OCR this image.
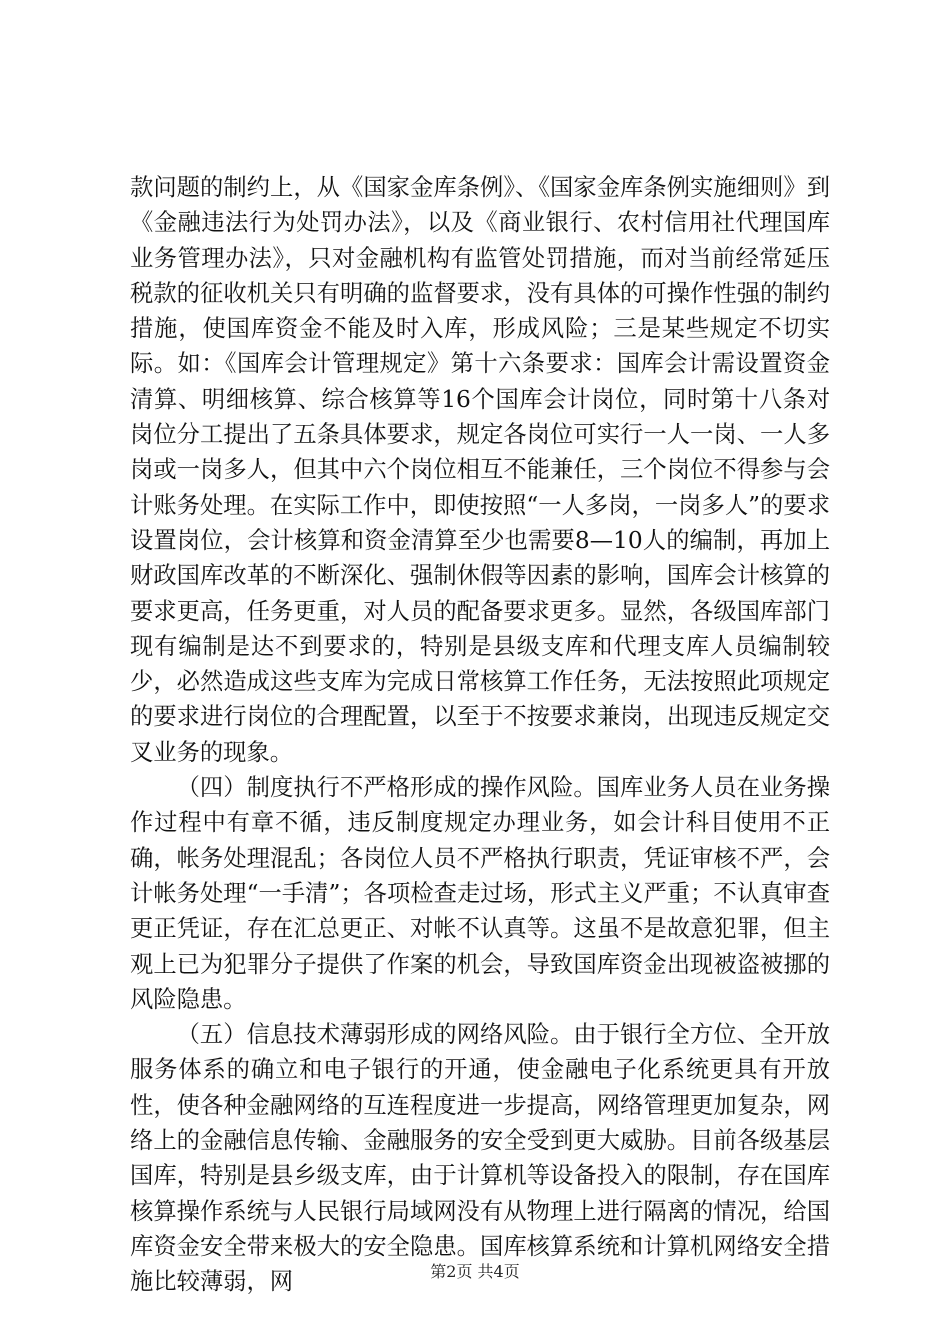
款问题的制约上，从《国家金库条例》、《国家金库条例实施细则》到《金融违法行为处罚办法》，以及《商业银行、农村信用社代理国库业务管理办法》，只对金融机构有监管处罚措施，而对当前经常延压税款的征收机关只有明确的监督要求，没有具体的可操作性强的制约措施，使国库资金不能及时入库，形成风险；三是某些规定不切实际。如：《国库会计管理规定》第十六条要求：国库会计需设置资金清算、明细核算、综合核算等16个国库会计岗位，同时第十八条对岗位分工提出了五条具体要求，规定各岗位可实行一人一岗、一人多岗或一岗多人，但其中六个岗位相互不能兼任，三个岗位不得参与会计账务处理。在实际工作中，即使按照“一人多岗，一岗多人”的要求设置岗位，会计核算和资金清算至少也需要8—10人的编制，再加上财政国库改革的不断深化、强制休假等因素的影响，国库会计核算的要求更高，任务更重，对人员的配备要求更多。显然，各级国库部门现有编制是达不到要求的，特别是县级支库和代理支库人员编制较少，必然造成这些支库为完成日常核算工作任务，无法按照此项规定的要求进行岗位的合理配置，以至于不按要求兼岗，出现违反规定交叉业务的现象。

（四）制度执行不严格形成的操作风险。国库业务人员在业务操作过程中有章不循，违反制度规定办理业务，如会计科目使用不正确，帐务处理混乱；各岗位人员不严格执行职责，凭证审核不严，会计帐务处理“一手清”；各项检查走过场，形式主义严重；不认真审查更正凭证，存在汇总更正、对帐不认真等。这虽不是故意犯罪，但主观上已为犯罪分子提供了作案的机会，导致国库资金出现被盗被挪的风险隐患。

（五）信息技术薄弱形成的网络风险。由于银行全方位、全开放服务体系的确立和电子银行的开通，使金融电子化系统更具有开放性，使各种金融网络的互连程度进一步提高，网络管理更加复杂，网络上的金融信息传输、金融服务的安全受到更大威胁。目前各级基层国库，特别是县乡级支库，由于计算机等设备投入的限制，存在国库核算操作系统与人民银行局域网没有从物理上进行隔离的情况，给国库资金安全带来极大的安全隐患。国库核算系统和计算机网络安全措施比较薄弱，网	第2页 共4页
